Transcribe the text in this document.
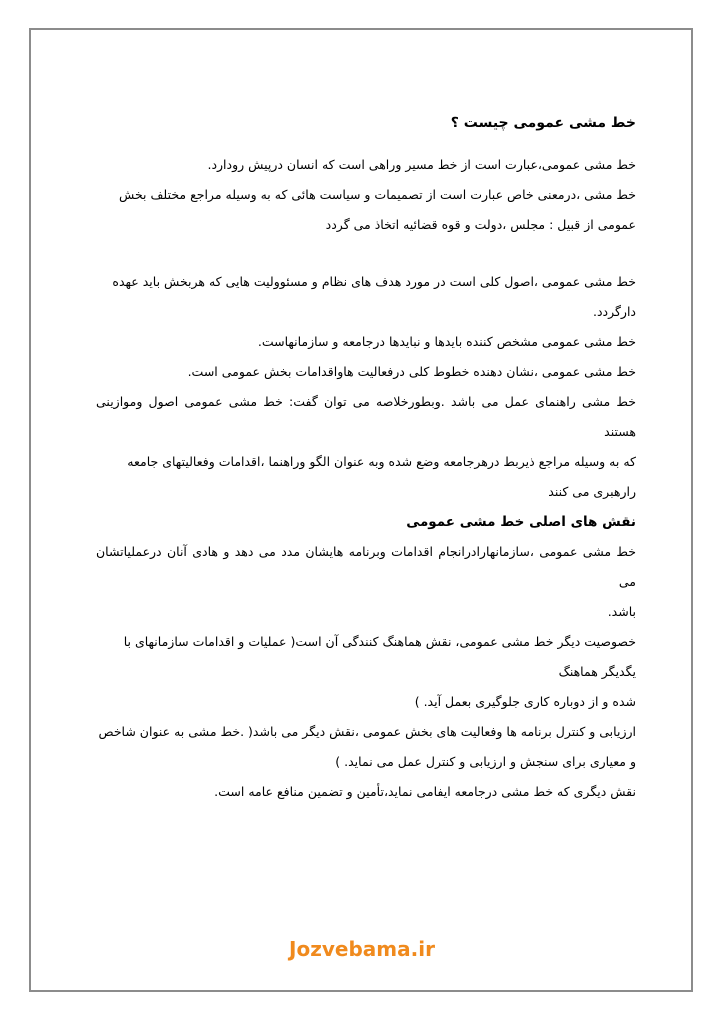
خط مشی عمومی چیست ؟

خط مشی عمومی،عبارت است از خط مسیر وراهی است که انسان درپیش رودارد.

خط مشی ،درمعنی خاص عبارت است از تصمیمات و سیاست هائی که به وسیله مراجع مختلف بخش

عمومی از قبیل : مجلس ،دولت و قوه قضائیه اتخاذ می گردد

خط مشی عمومی ،اصول کلی است در مورد هدف های نظام و مسئوولیت هایی که هربخش باید عهده

دارگردد.

خط مشی عمومی مشخص کننده بایدها و نبایدها درجامعه و سازمانهاست.

خط مشی عمومی ،نشان دهنده خطوط کلی درفعالیت هاواقدامات بخش عمومی است.

خط مشی راهنمای عمل می باشد .وبطورخلاصه می توان گفت: خط مشی عمومی اصول وموازینی هستند

که به وسیله مراجع ذیربط درهرجامعه وضع شده وبه عنوان الگو وراهنما ،اقدامات وفعالیتهای جامعه

رارهبری می کنند

نقش های اصلی خط مشی عمومی

خط مشی عمومی ،سازمانهارادرانجام اقدامات وبرنامه هایشان مدد می دهد و هادی آنان درعملیاتشان می

باشد.

خصوصیت دیگر خط مشی عمومی، نقش هماهنگ کنندگی آن است( عملیات و اقدامات سازمانهای با

یگدیگر هماهنگ

شده و از دوباره کاری جلوگیری بعمل آید. )

ارزیابی و کنترل برنامه ها وفعالیت های بخش عمومی ،نقش دیگر می باشد( .خط مشی به عنوان شاخص

و معیاری برای سنجش و ارزیابی و کنترل عمل می نماید. )

نقش دیگری که خط مشی درجامعه ایفامی نماید،تأمین و تضمین منافع عامه است.

Jozvebama.ir
